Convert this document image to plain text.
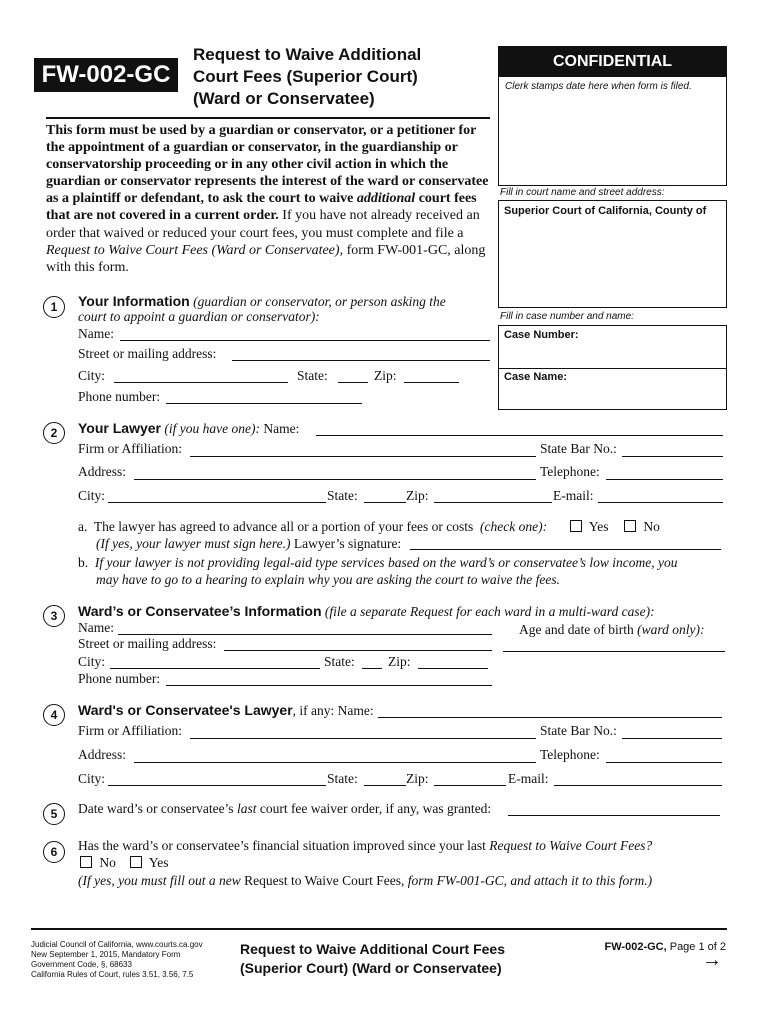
FW-002-GC
Request to Waive Additional
Court Fees (Superior Court)
(Ward or Conservatee)
CONFIDENTIAL
Clerk stamps date here when form is filed.
Fill in court name and street address:
Superior Court of California, County of
Fill in case number and name:
Case Number:
Case Name:
This form must be used by a guardian or conservator, or a petitioner for the appointment of a guardian or conservator, in the guardianship or conservatorship proceeding or in any other civil action in which the guardian or conservator represents the interest of the ward or conservatee as a plaintiff or defendant, to ask the court to waive additional court fees that are not covered in a current order. If you have not already received an order that waived or reduced your court fees, you must complete and file a Request to Waive Court Fees (Ward or Conservatee), form FW-001-GC, along with this form.
1	Your Information (guardian or conservator, or person asking the
court to appoint a guardian or conservator):
Name:
Street or mailing address:
City:	State:	Zip:
Phone number:
2	Your Lawyer (if you have one): Name:
Firm or Affiliation:	State Bar No.:
Address:	Telephone:
City:	State:	Zip:	E-mail:
a. The lawyer has agreed to advance all or a portion of your fees or costs (check one):	Yes	No
(If yes, your lawyer must sign here.) Lawyer’s signature:
b. If your lawyer is not providing legal-aid type services based on the ward’s or conservatee’s low income, you
may have to go to a hearing to explain why you are asking the court to waive the fees.
3	Ward’s or Conservatee’s Information (file a separate Request for each ward in a multi-ward case):
Name:	Age and date of birth (ward only):
Street or mailing address:
City:	State: Zip:
Phone number:
4	Ward's or Conservatee's Lawyer, if any: Name:
Firm or Affiliation:	State Bar No.:
Address:	Telephone:
City:	State:	Zip:	E-mail:
5	Date ward’s or conservatee’s last court fee waiver order, if any, was granted:
6	Has the ward’s or conservatee’s financial situation improved since your last Request to Waive Court Fees?
No	Yes
(If yes, you must fill out a new Request to Waive Court Fees, form FW-001-GC, and attach it to this form.)
Judicial Council of California, www.courts.ca.gov
New September 1, 2015, Mandatory Form
Government Code, §, 68633
California Rules of Court, rules 3.51, 3.56, 7.5
Request to Waive Additional Court Fees
(Superior Court) (Ward or Conservatee)
FW-002-GC, Page 1 of 2
→
